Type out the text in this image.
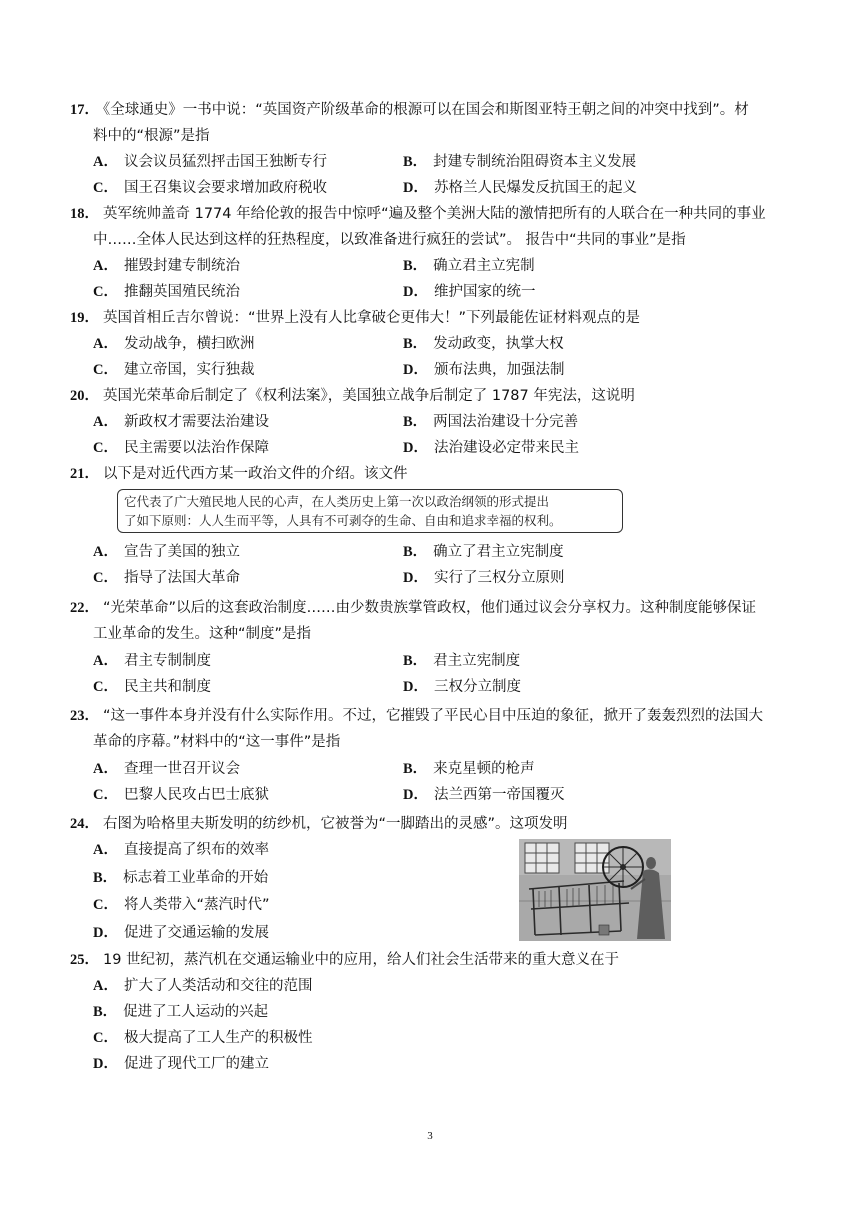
17． 《全球通史》一书中说：“英国资产阶级革命的根源可以在国会和斯图亚特王朝之间的冲突中找到”。材
料中的“根源”是指
A． 议会议员猛烈抨击国王独断专行	B． 封建专制统治阻碍资本主义发展
C． 国王召集议会要求增加政府税收	D． 苏格兰人民爆发反抗国王的起义
18． 英军统帅盖奇 1774 年给伦敦的报告中惊呼“遍及整个美洲大陆的激情把所有的人联合在一种共同的事业
中……全体人民达到这样的狂热程度，以致准备进行疯狂的尝试”。 报告中“共同的事业”是指
A． 摧毁封建专制统治	B． 确立君主立宪制
C． 推翻英国殖民统治	D． 维护国家的统一
19． 英国首相丘吉尔曾说：“世界上没有人比拿破仑更伟大！”下列最能佐证材料观点的是
A． 发动战争，横扫欧洲	B． 发动政变，执掌大权
C． 建立帝国，实行独裁	D． 颁布法典，加强法制
20． 英国光荣革命后制定了《权利法案》，美国独立战争后制定了 1787 年宪法，这说明
A． 新政权才需要法治建设	B． 两国法治建设十分完善
C． 民主需要以法治作保障	D． 法治建设必定带来民主
21． 以下是对近代西方某一政治文件的介绍。该文件
它代表了广大殖民地人民的心声，在人类历史上第一次以政治纲领的形式提出
了如下原则：人人生而平等，人具有不可剥夺的生命、自由和追求幸福的权利。
A． 宣告了美国的独立	B． 确立了君主立宪制度
C． 指导了法国大革命	D． 实行了三权分立原则
22． “光荣革命”以后的这套政治制度……由少数贵族掌管政权，他们通过议会分享权力。这种制度能够保证
工业革命的发生。这种“制度”是指
A． 君主专制制度	B． 君主立宪制度
C． 民主共和制度	D． 三权分立制度
23． “这一事件本身并没有什么实际作用。不过，它摧毁了平民心目中压迫的象征，掀开了轰轰烈烈的法国大
革命的序幕。”材料中的“这一事件”是指
A． 查理一世召开议会	B． 来克星顿的枪声
C． 巴黎人民攻占巴士底狱	D． 法兰西第一帝国覆灭
24． 右图为哈格里夫斯发明的纺纱机，它被誉为“一脚踏出的灵感”。这项发明
A． 直接提高了织布的效率
B． 标志着工业革命的开始
C． 将人类带入“蒸汽时代”
D． 促进了交通运输的发展
25． 19 世纪初，蒸汽机在交通运输业中的应用，给人们社会生活带来的重大意义在于
A． 扩大了人类活动和交往的范围
B． 促进了工人运动的兴起
C． 极大提高了工人生产的积极性
D． 促进了现代工厂的建立
3
